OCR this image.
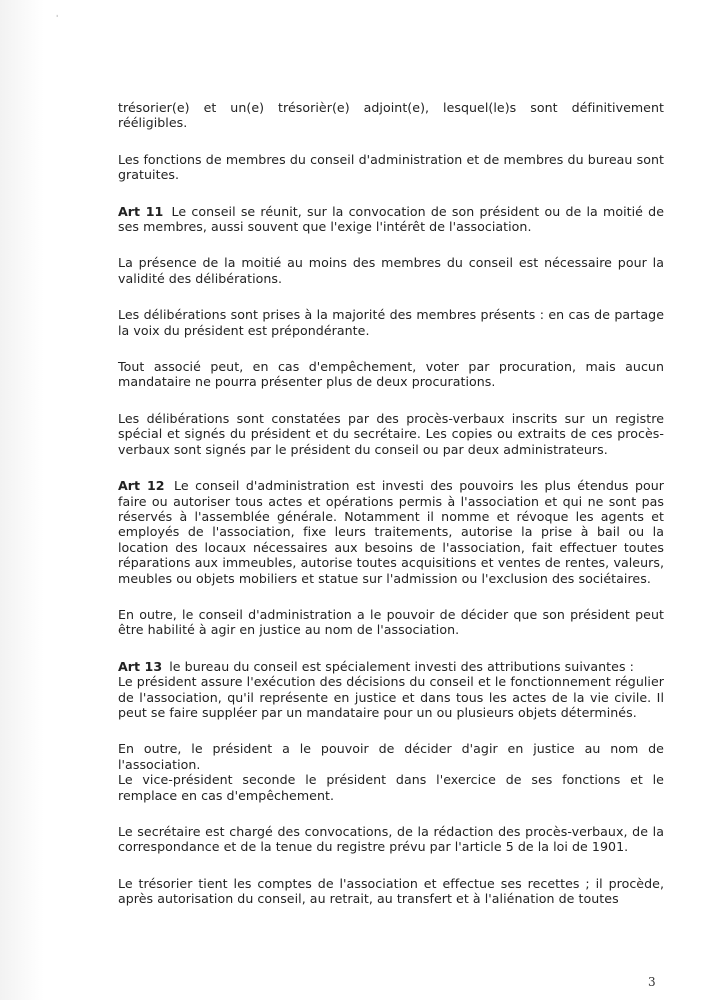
ˈ

trésorier(e) et un(e) trésorièr(e) adjoint(e), lesquel(le)s sont définitivement rééligibles.

Les fonctions de membres du conseil d'administration et de membres du bureau sont gratuites.

Art 11 Le conseil se réunit, sur la convocation de son président ou de la moitié de ses membres, aussi souvent que l'exige l'intérêt de l'association.

La présence de la moitié au moins des membres du conseil est nécessaire pour la validité des délibérations.

Les délibérations sont prises à la majorité des membres présents : en cas de partage la voix du président est prépondérante.

Tout associé peut, en cas d'empêchement, voter par procuration, mais aucun mandataire ne pourra présenter plus de deux procurations.

Les délibérations sont constatées par des procès-verbaux inscrits sur un registre spécial et signés du président et du secrétaire. Les copies ou extraits de ces procès-verbaux sont signés par le président du conseil ou par deux administrateurs.

Art 12 Le conseil d'administration est investi des pouvoirs les plus étendus pour faire ou autoriser tous actes et opérations permis à l'association et qui ne sont pas réservés à l'assemblée générale. Notamment il nomme et révoque les agents et employés de l'association, fixe leurs traitements, autorise la prise à bail ou la location des locaux nécessaires aux besoins de l'association, fait effectuer toutes réparations aux immeubles, autorise toutes acquisitions et ventes de rentes, valeurs, meubles ou objets mobiliers et statue sur l'admission ou l'exclusion des sociétaires.

En outre, le conseil d'administration a le pouvoir de décider que son président peut être habilité à agir en justice au nom de l'association.

Art 13 le bureau du conseil est spécialement investi des attributions suivantes :
Le président assure l'exécution des décisions du conseil et le fonctionnement régulier de l'association, qu'il représente en justice et dans tous les actes de la vie civile. Il peut se faire suppléer par un mandataire pour un ou plusieurs objets déterminés.

En outre, le président a le pouvoir de décider d'agir en justice au nom de l'association.
Le vice-président seconde le président dans l'exercice de ses fonctions et le remplace en cas d'empêchement.

Le secrétaire est chargé des convocations, de la rédaction des procès-verbaux, de la correspondance et de la tenue du registre prévu par l'article 5 de la loi de 1901.

Le trésorier tient les comptes de l'association et effectue ses recettes ; il procède, après autorisation du conseil, au retrait, au transfert et à l'aliénation de toutes

3
